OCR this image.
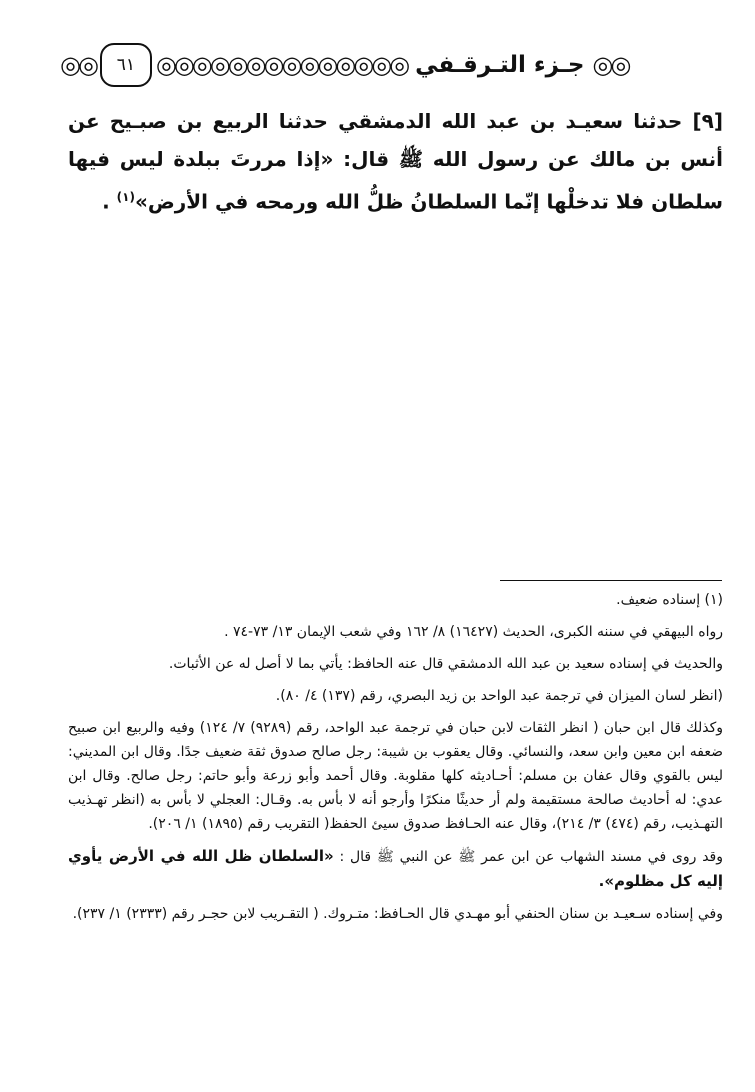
◎◎	٦١ ◎◎◎◎◎◎◎◎◎◎◎◎◎◎ جـزء التـرقـفي ◎◎
[٩] حدثنا سعيـد بن عبد الله الدمشقي حدثنا الربيع بن صبـيح عن أنس بن مالك عن رسول الله ﷺ قال: «إذا مررتَ ببلدة ليس فيها سلطان فلا تدخلْها إنّما السلطانُ ظلُّ الله ورمحه في الأرض»$^{(١)}$ .

(١) إسناده ضعيف.

رواه البيهقي في سننه الكبرى، الحديث (١٦٤٢٧) ٨/ ١٦٢ وفي شعب الإيمان ١٣/ ٧٣-٧٤ .

والحديث في إسناده سعيد بن عبد الله الدمشقي قال عنه الحافظ: يأتي بما لا أصل له عن الأثبات.

(انظر لسان الميزان في ترجمة عبد الواحد بن زيد البصري، رقم (١٣٧) ٤/ ٨٠).

وكذلك قال ابن حبان ( انظر الثقات لابن حبان في ترجمة عبد الواحد، رقم (٩٢٨٩) ٧/ ١٢٤) وفيه والربيع ابن صبيح ضعفه ابن معين وابن سعد، والنسائي. وقال يعقوب بن شيبة: رجل صالح صدوق ثقة ضعيف جدًا. وقال ابن المديني: ليس بالقوي وقال عفان بن مسلم: أحـاديثه كلها مقلوبة. وقال أحمد وأبو زرعة وأبو حاتم: رجل صالح. وقال ابن عدي: له أحاديث صالحة مستقيمة ولم أر حديثًا منكرًا وأرجو أنه لا بأس به. وقـال: العجلي لا بأس به (انظر تهـذيب التهـذيب، رقم (٤٧٤) ٣/ ٢١٤)، وقال عنه الحـافظ صدوق سيئ الحفظ( التقريب رقم (١٨٩٥) ١/ ٢٠٦).

وقد روى في مسند الشهاب عن ابن عمر ﷺ عن النبي ﷺ قال : «السلطان ظل الله في الأرض يأوي إليه كل مظلوم».

وفي إسناده سـعيـد بن سنان الحنفي أبو مهـدي قال الحـافظ: متـروك. ( التقـريب لابن حجـر رقم (٢٣٣٣) ١/ ٢٣٧).
